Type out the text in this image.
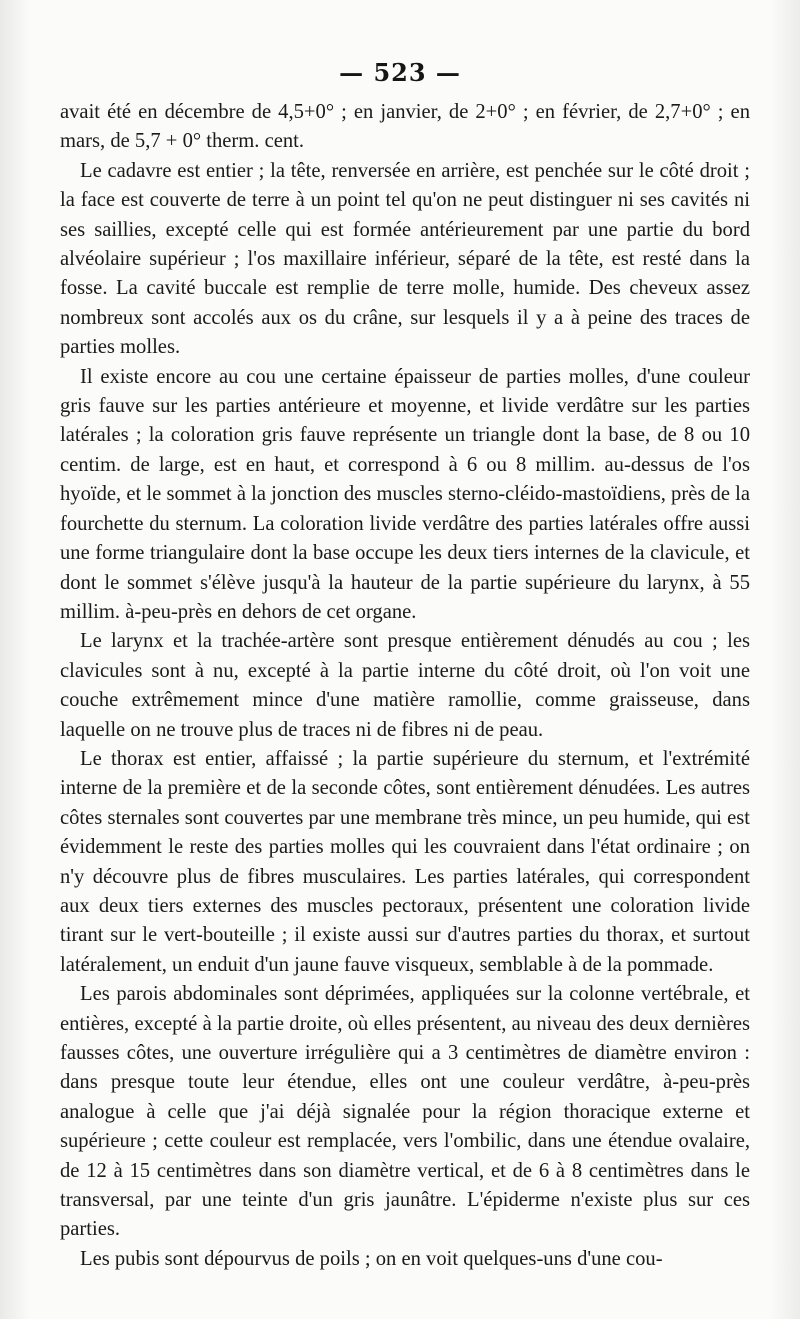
— 523 —

avait été en décembre de 4,5+0° ; en janvier, de 2+0° ; en février, de 2,7+0° ; en mars, de 5,7 + 0° therm. cent.

Le cadavre est entier ; la tête, renversée en arrière, est penchée sur le côté droit ; la face est couverte de terre à un point tel qu'on ne peut distinguer ni ses cavités ni ses saillies, excepté celle qui est formée antérieurement par une partie du bord alvéolaire supérieur ; l'os maxillaire inférieur, séparé de la tête, est resté dans la fosse. La cavité buccale est remplie de terre molle, humide. Des cheveux assez nombreux sont accolés aux os du crâne, sur lesquels il y a à peine des traces de parties molles.

Il existe encore au cou une certaine épaisseur de parties molles, d'une couleur gris fauve sur les parties antérieure et moyenne, et livide verdâtre sur les parties latérales ; la coloration gris fauve représente un triangle dont la base, de 8 ou 10 centim. de large, est en haut, et correspond à 6 ou 8 millim. au-dessus de l'os hyoïde, et le sommet à la jonction des muscles sterno-cléido-mastoïdiens, près de la fourchette du sternum. La coloration livide verdâtre des parties latérales offre aussi une forme triangulaire dont la base occupe les deux tiers internes de la clavicule, et dont le sommet s'élève jusqu'à la hauteur de la partie supérieure du larynx, à 55 millim. à-peu-près en dehors de cet organe.

Le larynx et la trachée-artère sont presque entièrement dénudés au cou ; les clavicules sont à nu, excepté à la partie interne du côté droit, où l'on voit une couche extrêmement mince d'une matière ramollie, comme graisseuse, dans laquelle on ne trouve plus de traces ni de fibres ni de peau.

Le thorax est entier, affaissé ; la partie supérieure du sternum, et l'extrémité interne de la première et de la seconde côtes, sont entièrement dénudées. Les autres côtes sternales sont couvertes par une membrane très mince, un peu humide, qui est évidemment le reste des parties molles qui les couvraient dans l'état ordinaire ; on n'y découvre plus de fibres musculaires. Les parties latérales, qui correspondent aux deux tiers externes des muscles pectoraux, présentent une coloration livide tirant sur le vert-bouteille ; il existe aussi sur d'autres parties du thorax, et surtout latéralement, un enduit d'un jaune fauve visqueux, semblable à de la pommade.

Les parois abdominales sont déprimées, appliquées sur la colonne vertébrale, et entières, excepté à la partie droite, où elles présentent, au niveau des deux dernières fausses côtes, une ouverture irrégulière qui a 3 centimètres de diamètre environ : dans presque toute leur étendue, elles ont une couleur verdâtre, à-peu-près analogue à celle que j'ai déjà signalée pour la région thoracique externe et supérieure ; cette couleur est remplacée, vers l'ombilic, dans une étendue ovalaire, de 12 à 15 centimètres dans son diamètre vertical, et de 6 à 8 centimètres dans le transversal, par une teinte d'un gris jaunâtre. L'épiderme n'existe plus sur ces parties.

Les pubis sont dépourvus de poils ; on en voit quelques-uns d'une cou-
